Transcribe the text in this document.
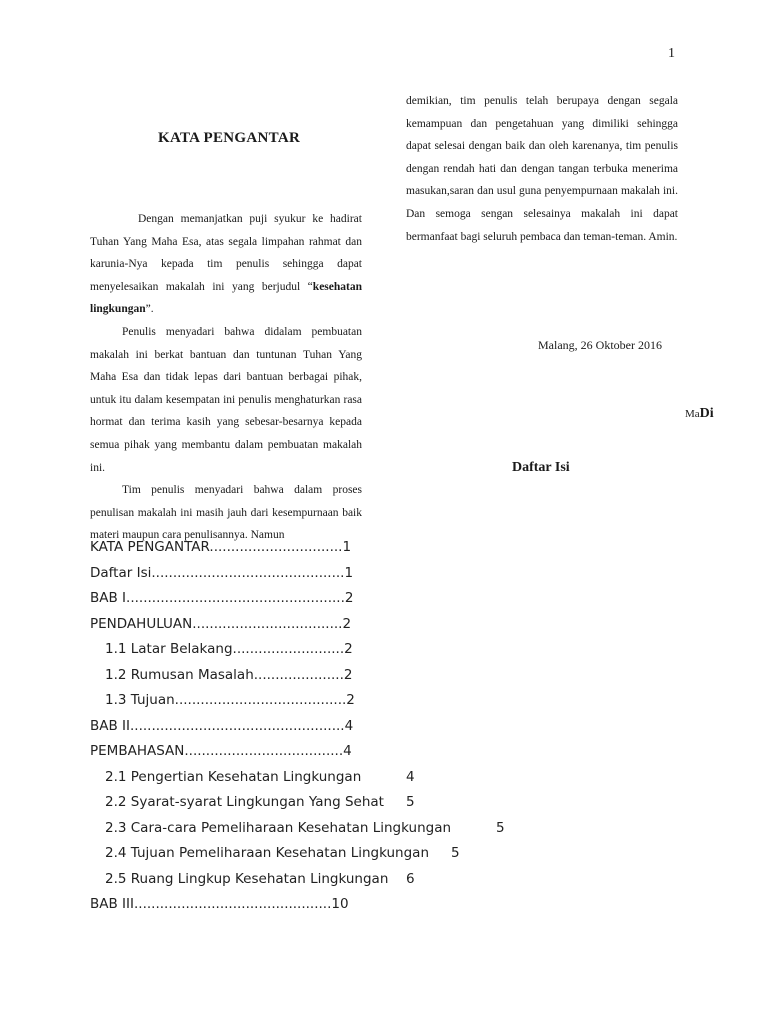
1
KATA PENGANTAR

Dengan memanjatkan puji syukur ke hadirat Tuhan Yang Maha Esa, atas segala limpahan rahmat dan karunia-Nya kepada tim penulis sehingga dapat menyelesaikan makalah ini yang berjudul “kesehatan lingkungan”.

Penulis menyadari bahwa didalam pembuatan makalah ini berkat bantuan dan tuntunan Tuhan Yang Maha Esa dan tidak lepas dari bantuan berbagai pihak, untuk itu dalam kesempatan ini penulis menghaturkan rasa hormat dan terima kasih yang sebesar-besarnya kepada semua pihak yang membantu dalam pembuatan makalah ini.

Tim penulis menyadari bahwa dalam proses penulisan makalah ini masih jauh dari kesempurnaan baik materi maupun cara penulisannya. Namun

demikian, tim penulis telah berupaya dengan segala kemampuan dan pengetahuan yang dimiliki sehingga dapat selesai dengan baik dan oleh karenanya, tim penulis dengan rendah hati dan dengan tangan terbuka menerima masukan,saran dan usul guna penyempurnaan makalah ini. Dan semoga sengan selesainya makalah ini dapat bermanfaat bagi seluruh pembaca dan teman-teman. Amin.

Malang, 26 Oktober 2016
MaDi
Daftar Isi
KATA PENGANTAR...............................1
Daftar Isi.............................................1
BAB I...................................................2
PENDAHULUAN...................................2
1.1 Latar Belakang..........................2
1.2 Rumusan Masalah.....................2
1.3 Tujuan........................................2
BAB II..................................................4
PEMBAHASAN.....................................4
2.1 Pengertian Kesehatan Lingkungan	4
2.2 Syarat-syarat Lingkungan Yang Sehat 5
2.3 Cara-cara Pemeliharaan Kesehatan Lingkungan	5
2.4 Tujuan Pemeliharaan Kesehatan Lingkungan 5
2.5 Ruang Lingkup Kesehatan Lingkungan 6
BAB III..............................................10
